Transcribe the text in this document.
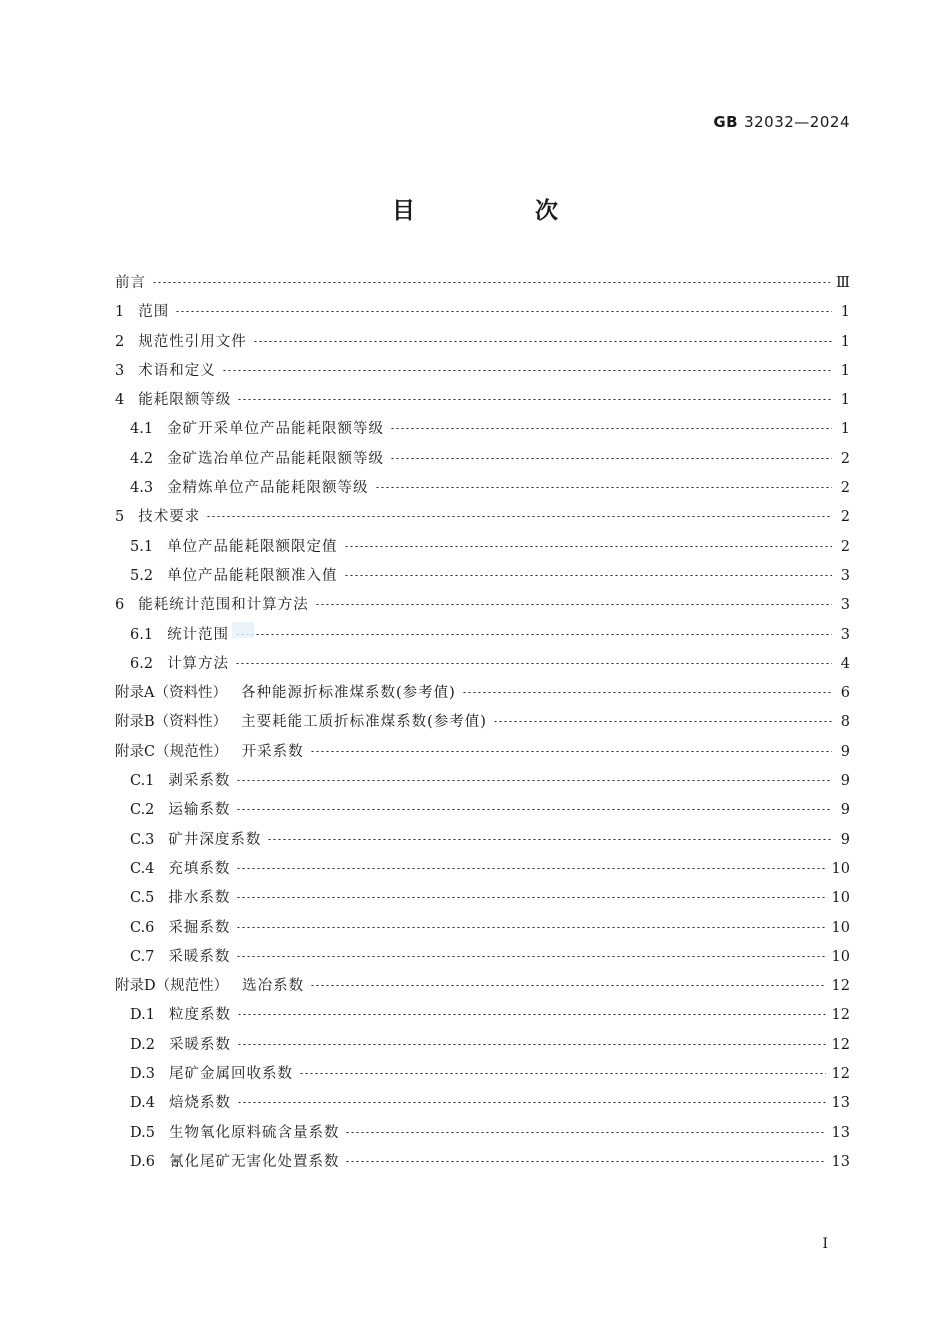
GB 32032—2024
目 次
前言	Ⅲ
1 范围	1
2 规范性引用文件	1
3 术语和定义	1
4 能耗限额等级	1
4.1 金矿开采单位产品能耗限额等级	1
4.2 金矿选冶单位产品能耗限额等级	2
4.3 金精炼单位产品能耗限额等级	2
5 技术要求	2
5.1 单位产品能耗限额限定值	2
5.2 单位产品能耗限额准入值	3
6 能耗统计范围和计算方法	3
6.1 统计范围	3
6.2 计算方法	4
附录A（资料性） 各种能源折标准煤系数(参考值)	6
附录B（资料性） 主要耗能工质折标准煤系数(参考值)	8
附录C（规范性） 开采系数	9
C.1 剥采系数	9
C.2 运输系数	9
C.3 矿井深度系数	9
C.4 充填系数	10
C.5 排水系数	10
C.6 采掘系数	10
C.7 采暖系数	10
附录D（规范性） 选冶系数	12
D.1 粒度系数	12
D.2 采暖系数	12
D.3 尾矿金属回收系数	12
D.4 焙烧系数	13
D.5 生物氧化原料硫含量系数	13
D.6 氰化尾矿无害化处置系数	13
Ⅰ
